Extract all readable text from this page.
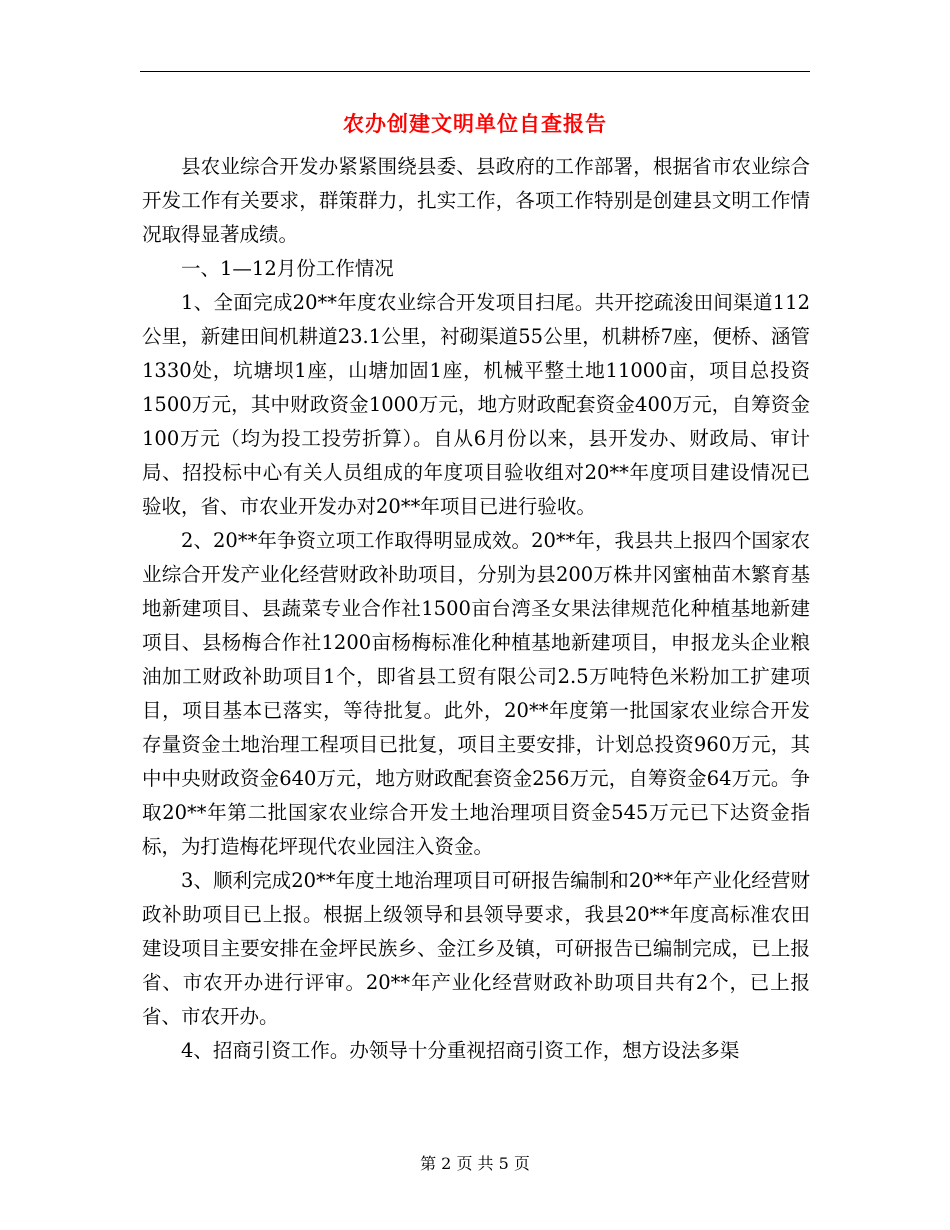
农办创建文明单位自查报告

县农业综合开发办紧紧围绕县委、县政府的工作部署，根据省市农业综合开发工作有关要求，群策群力，扎实工作，各项工作特别是创建县文明工作情况取得显著成绩。

一、1—12月份工作情况

1、全面完成20**年度农业综合开发项目扫尾。共开挖疏浚田间渠道112公里，新建田间机耕道23.1公里，衬砌渠道55公里，机耕桥7座，便桥、涵管1330处，坑塘坝1座，山塘加固1座，机械平整土地11000亩，项目总投资1500万元，其中财政资金1000万元，地方财政配套资金400万元，自筹资金100万元（均为投工投劳折算）。自从6月份以来，县开发办、财政局、审计局、招投标中心有关人员组成的年度项目验收组对20**年度项目建设情况已验收，省、市农业开发办对20**年项目已进行验收。

2、20**年争资立项工作取得明显成效。20**年，我县共上报四个国家农业综合开发产业化经营财政补助项目，分别为县200万株井冈蜜柚苗木繁育基地新建项目、县蔬菜专业合作社1500亩台湾圣女果法律规范化种植基地新建项目、县杨梅合作社1200亩杨梅标准化种植基地新建项目，申报龙头企业粮油加工财政补助项目1个，即省县工贸有限公司2.5万吨特色米粉加工扩建项目，项目基本已落实，等待批复。此外，20**年度第一批国家农业综合开发存量资金土地治理工程项目已批复，项目主要安排，计划总投资960万元，其中中央财政资金640万元，地方财政配套资金256万元，自筹资金64万元。争取20**年第二批国家农业综合开发土地治理项目资金545万元已下达资金指标，为打造梅花坪现代农业园注入资金。

3、顺利完成20**年度土地治理项目可研报告编制和20**年产业化经营财政补助项目已上报。根据上级领导和县领导要求，我县20**年度高标准农田建设项目主要安排在金坪民族乡、金江乡及镇，可研报告已编制完成，已上报省、市农开办进行评审。20**年产业化经营财政补助项目共有2个，已上报省、市农开办。

4、招商引资工作。办领导十分重视招商引资工作，想方设法多渠

第 2 页 共 5 页
